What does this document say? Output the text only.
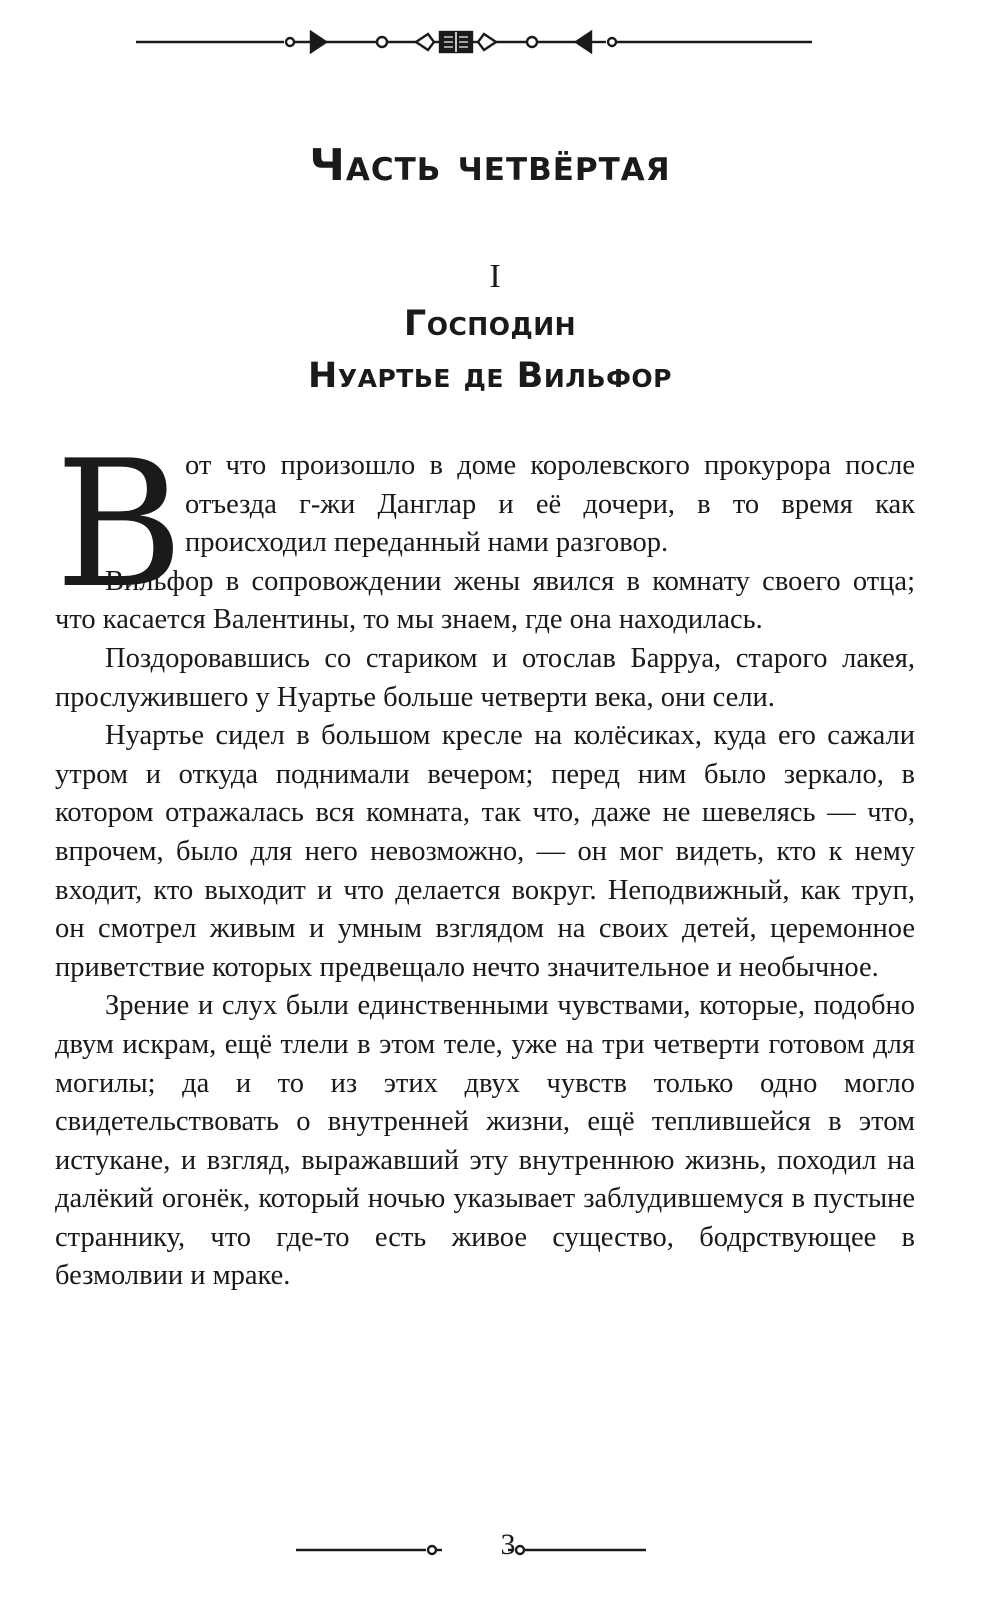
Часть четвёртая
I
Господин
Нуартье де Вильфор
В от что произошло в доме королевского прокурора после отъезда г-жи Данглар и её дочери, в то время как происходил переданный нами разговор.

Вильфор в сопровождении жены явился в комнату своего отца; что касается Валентины, то мы знаем, где она находилась.

Поздоровавшись со стариком и отослав Барруа, старого лакея, прослужившего у Нуартье больше четверти века, они сели.

Нуартье сидел в большом кресле на колёсиках, куда его сажали утром и откуда поднимали вечером; перед ним было зеркало, в котором отражалась вся комната, так что, даже не шевелясь — что, впрочем, было для него невозможно, — он мог видеть, кто к нему входит, кто выходит и что делается вокруг. Неподвижный, как труп, он смотрел живым и умным взглядом на своих детей, церемонное приветствие которых предвещало нечто значительное и необычное.

Зрение и слух были единственными чувствами, которые, подобно двум искрам, ещё тлели в этом теле, уже на три четверти готовом для могилы; да и то из этих двух чувств только одно могло свидетельствовать о внутренней жизни, ещё теплившейся в этом истукане, и взгляд, выражавший эту внутреннюю жизнь, походил на далёкий огонёк, который ночью указывает заблудившемуся в пустыне страннику, что где-то есть живое существо, бодрствующее в безмолвии и мраке.

3
